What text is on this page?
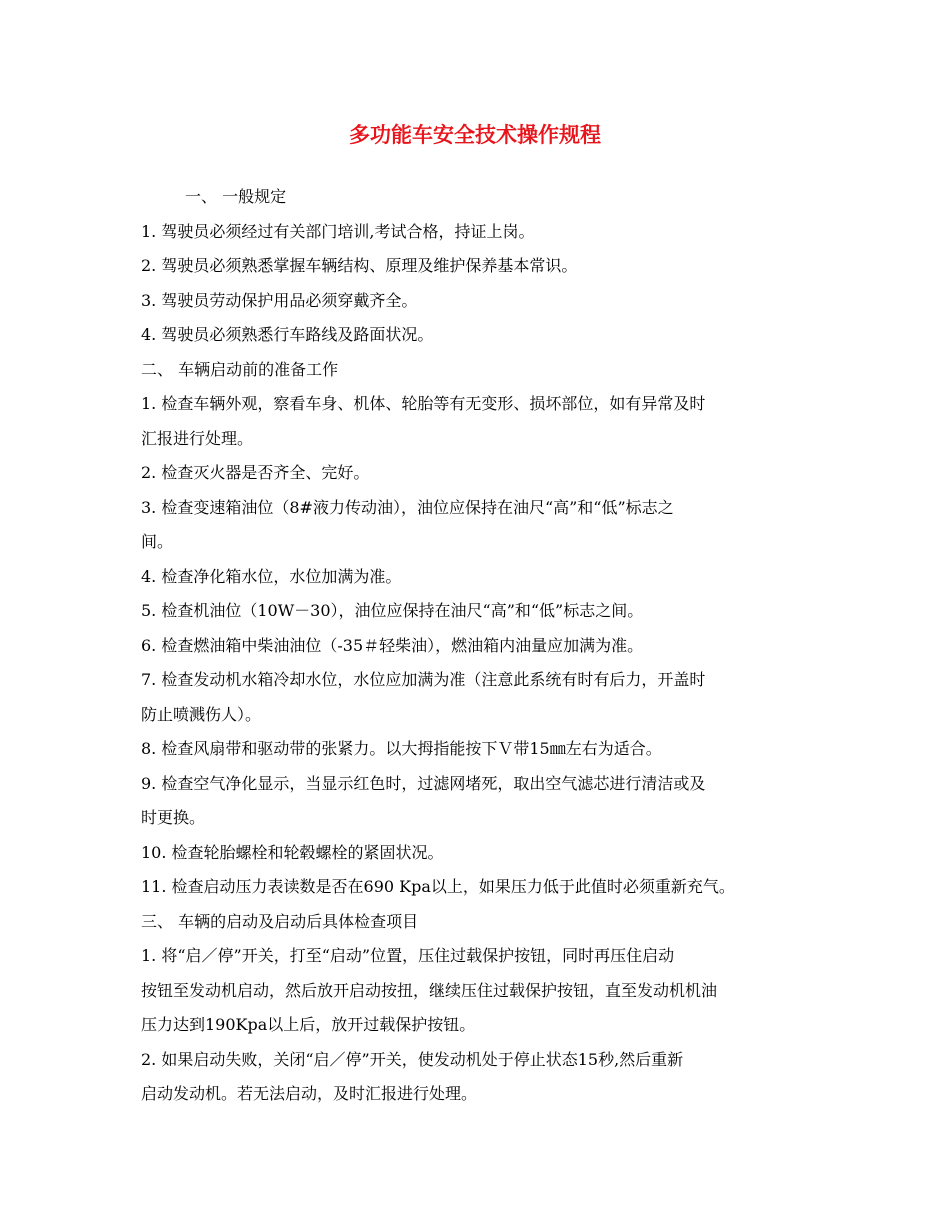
多功能车安全技术操作规程
一、 一般规定
1. 驾驶员必须经过有关部门培训,考试合格，持证上岗。
2. 驾驶员必须熟悉掌握车辆结构、原理及维护保养基本常识。
3. 驾驶员劳动保护用品必须穿戴齐全。
4. 驾驶员必须熟悉行车路线及路面状况。
二、 车辆启动前的准备工作
1. 检查车辆外观，察看车身、机体、轮胎等有无变形、损坏部位，如有异常及时
汇报进行处理。
2. 检查灭火器是否齐全、完好。
3. 检查变速箱油位（8#液力传动油），油位应保持在油尺“高”和“低”标志之
间。
4. 检查净化箱水位，水位加满为准。
5. 检查机油位（10W－30），油位应保持在油尺“高”和“低”标志之间。
6. 检查燃油箱中柴油油位（-35＃轻柴油），燃油箱内油量应加满为准。
7. 检查发动机水箱冷却水位，水位应加满为准（注意此系统有时有后力，开盖时
防止喷溅伤人）。
8. 检查风扇带和驱动带的张紧力。以大拇指能按下Ｖ带15㎜左右为适合。
9. 检查空气净化显示，当显示红色时，过滤网堵死，取出空气滤芯进行清洁或及
时更换。
10. 检查轮胎螺栓和轮毂螺栓的紧固状况。
11. 检查启动压力表读数是否在690 Kpa以上，如果压力低于此值时必须重新充气。
三、 车辆的启动及启动后具体检查项目
1. 将“启／停”开关，打至“启动”位置，压住过载保护按钮，同时再压住启动
按钮至发动机启动，然后放开启动按扭，继续压住过载保护按钮，直至发动机机油
压力达到190Kpa以上后，放开过载保护按钮。
2. 如果启动失败，关闭“启／停”开关，使发动机处于停止状态15秒,然后重新
启动发动机。若无法启动，及时汇报进行处理。
